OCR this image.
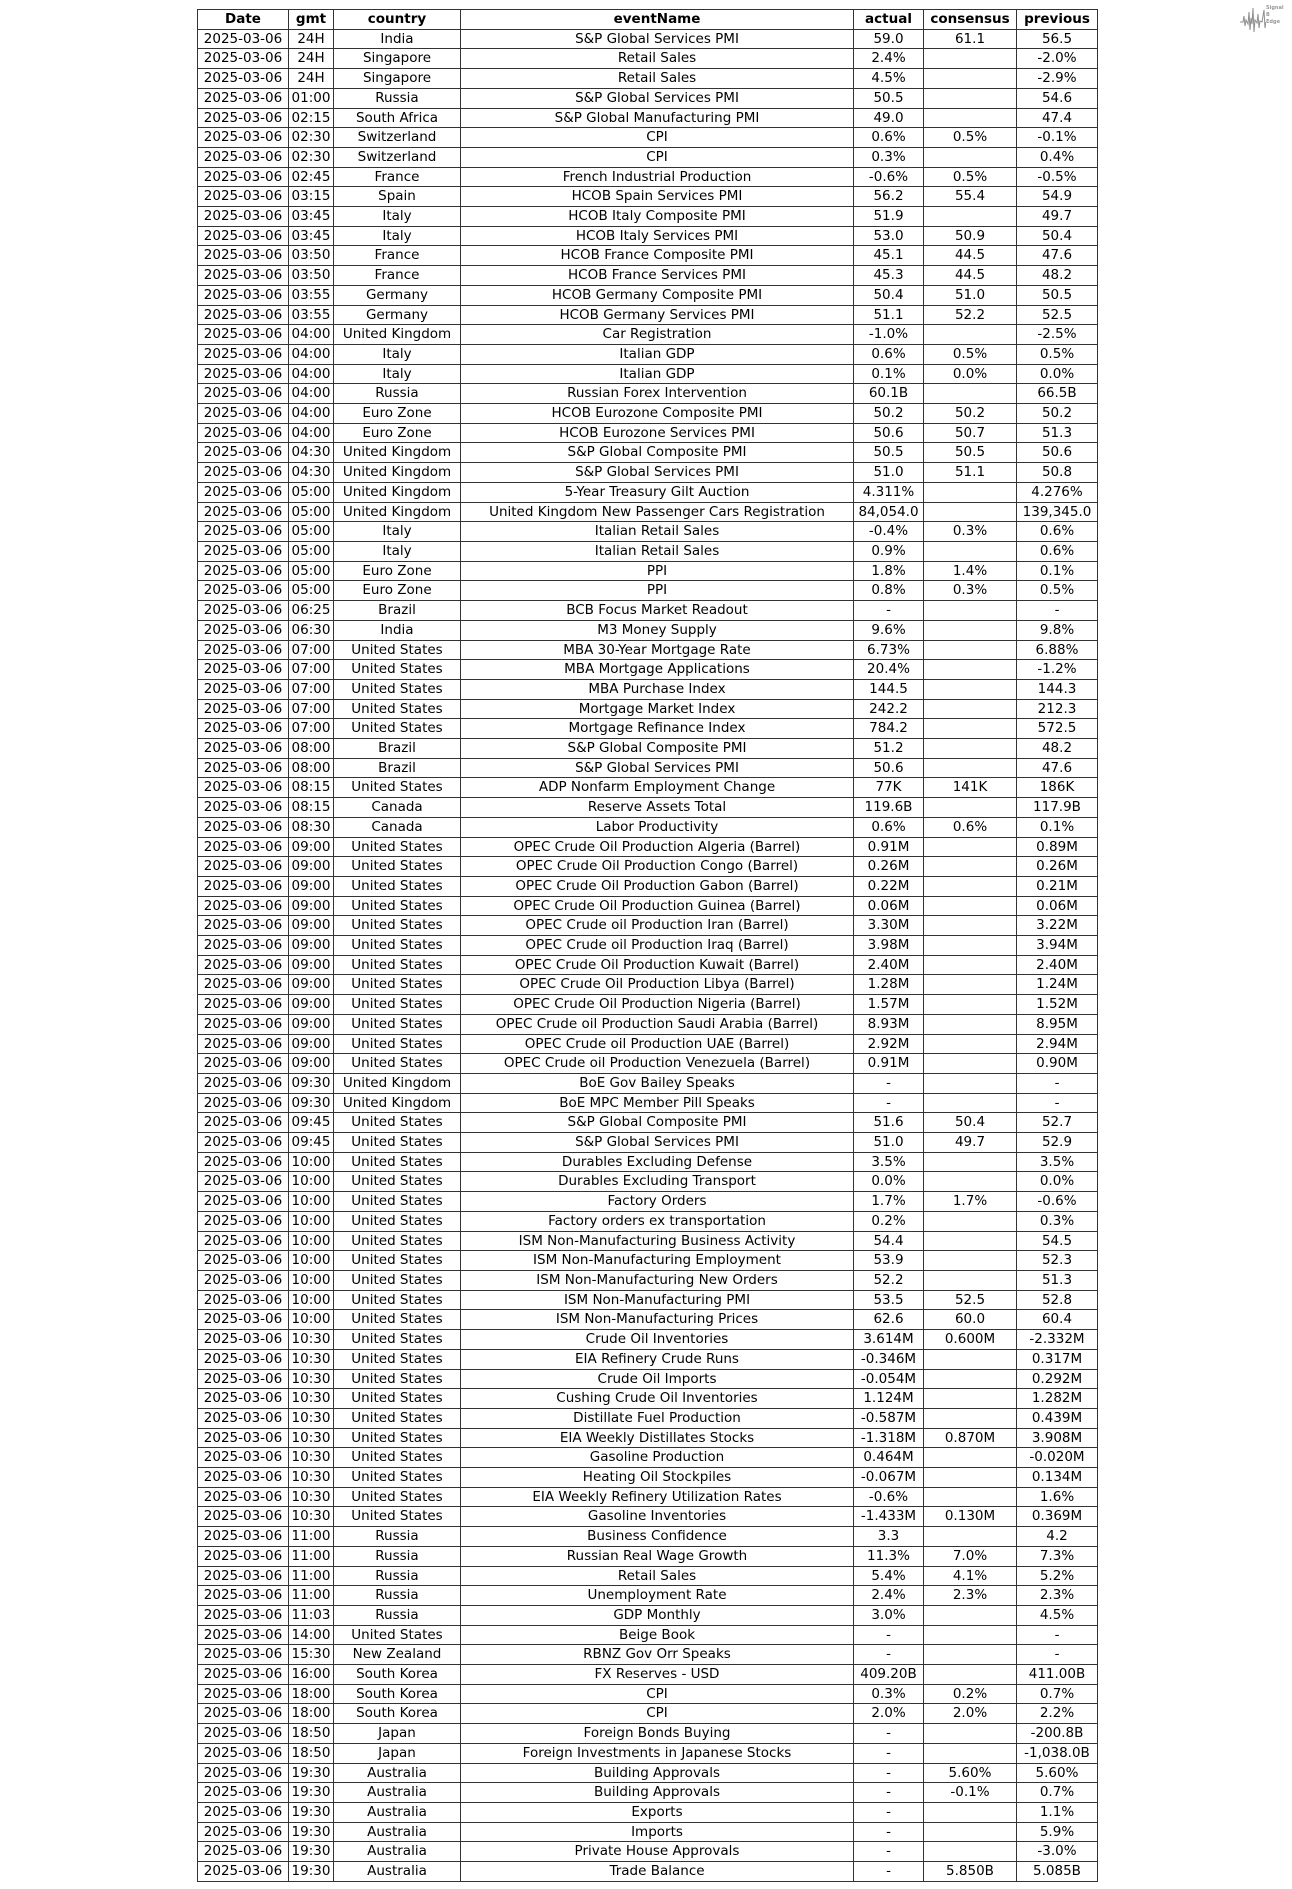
Signal
B
Edge
Date	gmt	country	eventName	actual	consensus	previous
2025-03-06	24H	India	S&P Global Services PMI	59.0	61.1	56.5
2025-03-06	24H	Singapore	Retail Sales	2.4%		-2.0%
2025-03-06	24H	Singapore	Retail Sales	4.5%		-2.9%
2025-03-06	01:00	Russia	S&P Global Services PMI	50.5		54.6
2025-03-06	02:15	South Africa	S&P Global Manufacturing PMI	49.0		47.4
2025-03-06	02:30	Switzerland	CPI	0.6%	0.5%	-0.1%
2025-03-06	02:30	Switzerland	CPI	0.3%		0.4%
2025-03-06	02:45	France	French Industrial Production	-0.6%	0.5%	-0.5%
2025-03-06	03:15	Spain	HCOB Spain Services PMI	56.2	55.4	54.9
2025-03-06	03:45	Italy	HCOB Italy Composite PMI	51.9		49.7
2025-03-06	03:45	Italy	HCOB Italy Services PMI	53.0	50.9	50.4
2025-03-06	03:50	France	HCOB France Composite PMI	45.1	44.5	47.6
2025-03-06	03:50	France	HCOB France Services PMI	45.3	44.5	48.2
2025-03-06	03:55	Germany	HCOB Germany Composite PMI	50.4	51.0	50.5
2025-03-06	03:55	Germany	HCOB Germany Services PMI	51.1	52.2	52.5
2025-03-06	04:00	United Kingdom	Car Registration	-1.0%		-2.5%
2025-03-06	04:00	Italy	Italian GDP	0.6%	0.5%	0.5%
2025-03-06	04:00	Italy	Italian GDP	0.1%	0.0%	0.0%
2025-03-06	04:00	Russia	Russian Forex Intervention	60.1B		66.5B
2025-03-06	04:00	Euro Zone	HCOB Eurozone Composite PMI	50.2	50.2	50.2
2025-03-06	04:00	Euro Zone	HCOB Eurozone Services PMI	50.6	50.7	51.3
2025-03-06	04:30	United Kingdom	S&P Global Composite PMI	50.5	50.5	50.6
2025-03-06	04:30	United Kingdom	S&P Global Services PMI	51.0	51.1	50.8
2025-03-06	05:00	United Kingdom	5-Year Treasury Gilt Auction	4.311%		4.276%
2025-03-06	05:00	United Kingdom	United Kingdom New Passenger Cars Registration	84,054.0		139,345.0
2025-03-06	05:00	Italy	Italian Retail Sales	-0.4%	0.3%	0.6%
2025-03-06	05:00	Italy	Italian Retail Sales	0.9%		0.6%
2025-03-06	05:00	Euro Zone	PPI	1.8%	1.4%	0.1%
2025-03-06	05:00	Euro Zone	PPI	0.8%	0.3%	0.5%
2025-03-06	06:25	Brazil	BCB Focus Market Readout	-		-
2025-03-06	06:30	India	M3 Money Supply	9.6%		9.8%
2025-03-06	07:00	United States	MBA 30-Year Mortgage Rate	6.73%		6.88%
2025-03-06	07:00	United States	MBA Mortgage Applications	20.4%		-1.2%
2025-03-06	07:00	United States	MBA Purchase Index	144.5		144.3
2025-03-06	07:00	United States	Mortgage Market Index	242.2		212.3
2025-03-06	07:00	United States	Mortgage Refinance Index	784.2		572.5
2025-03-06	08:00	Brazil	S&P Global Composite PMI	51.2		48.2
2025-03-06	08:00	Brazil	S&P Global Services PMI	50.6		47.6
2025-03-06	08:15	United States	ADP Nonfarm Employment Change	77K	141K	186K
2025-03-06	08:15	Canada	Reserve Assets Total	119.6B		117.9B
2025-03-06	08:30	Canada	Labor Productivity	0.6%	0.6%	0.1%
2025-03-06	09:00	United States	OPEC Crude Oil Production Algeria (Barrel)	0.91M		0.89M
2025-03-06	09:00	United States	OPEC Crude Oil Production Congo (Barrel)	0.26M		0.26M
2025-03-06	09:00	United States	OPEC Crude Oil Production Gabon (Barrel)	0.22M		0.21M
2025-03-06	09:00	United States	OPEC Crude Oil Production Guinea (Barrel)	0.06M		0.06M
2025-03-06	09:00	United States	OPEC Crude oil Production Iran (Barrel)	3.30M		3.22M
2025-03-06	09:00	United States	OPEC Crude oil Production Iraq (Barrel)	3.98M		3.94M
2025-03-06	09:00	United States	OPEC Crude Oil Production Kuwait (Barrel)	2.40M		2.40M
2025-03-06	09:00	United States	OPEC Crude Oil Production Libya (Barrel)	1.28M		1.24M
2025-03-06	09:00	United States	OPEC Crude Oil Production Nigeria (Barrel)	1.57M		1.52M
2025-03-06	09:00	United States	OPEC Crude oil Production Saudi Arabia (Barrel)	8.93M		8.95M
2025-03-06	09:00	United States	OPEC Crude oil Production UAE (Barrel)	2.92M		2.94M
2025-03-06	09:00	United States	OPEC Crude oil Production Venezuela (Barrel)	0.91M		0.90M
2025-03-06	09:30	United Kingdom	BoE Gov Bailey Speaks	-		-
2025-03-06	09:30	United Kingdom	BoE MPC Member Pill Speaks	-		-
2025-03-06	09:45	United States	S&P Global Composite PMI	51.6	50.4	52.7
2025-03-06	09:45	United States	S&P Global Services PMI	51.0	49.7	52.9
2025-03-06	10:00	United States	Durables Excluding Defense	3.5%		3.5%
2025-03-06	10:00	United States	Durables Excluding Transport	0.0%		0.0%
2025-03-06	10:00	United States	Factory Orders	1.7%	1.7%	-0.6%
2025-03-06	10:00	United States	Factory orders ex transportation	0.2%		0.3%
2025-03-06	10:00	United States	ISM Non-Manufacturing Business Activity	54.4		54.5
2025-03-06	10:00	United States	ISM Non-Manufacturing Employment	53.9		52.3
2025-03-06	10:00	United States	ISM Non-Manufacturing New Orders	52.2		51.3
2025-03-06	10:00	United States	ISM Non-Manufacturing PMI	53.5	52.5	52.8
2025-03-06	10:00	United States	ISM Non-Manufacturing Prices	62.6	60.0	60.4
2025-03-06	10:30	United States	Crude Oil Inventories	3.614M	0.600M	-2.332M
2025-03-06	10:30	United States	EIA Refinery Crude Runs	-0.346M		0.317M
2025-03-06	10:30	United States	Crude Oil Imports	-0.054M		0.292M
2025-03-06	10:30	United States	Cushing Crude Oil Inventories	1.124M		1.282M
2025-03-06	10:30	United States	Distillate Fuel Production	-0.587M		0.439M
2025-03-06	10:30	United States	EIA Weekly Distillates Stocks	-1.318M	0.870M	3.908M
2025-03-06	10:30	United States	Gasoline Production	0.464M		-0.020M
2025-03-06	10:30	United States	Heating Oil Stockpiles	-0.067M		0.134M
2025-03-06	10:30	United States	EIA Weekly Refinery Utilization Rates	-0.6%		1.6%
2025-03-06	10:30	United States	Gasoline Inventories	-1.433M	0.130M	0.369M
2025-03-06	11:00	Russia	Business Confidence	3.3		4.2
2025-03-06	11:00	Russia	Russian Real Wage Growth	11.3%	7.0%	7.3%
2025-03-06	11:00	Russia	Retail Sales	5.4%	4.1%	5.2%
2025-03-06	11:00	Russia	Unemployment Rate	2.4%	2.3%	2.3%
2025-03-06	11:03	Russia	GDP Monthly	3.0%		4.5%
2025-03-06	14:00	United States	Beige Book	-		-
2025-03-06	15:30	New Zealand	RBNZ Gov Orr Speaks	-		-
2025-03-06	16:00	South Korea	FX Reserves - USD	409.20B		411.00B
2025-03-06	18:00	South Korea	CPI	0.3%	0.2%	0.7%
2025-03-06	18:00	South Korea	CPI	2.0%	2.0%	2.2%
2025-03-06	18:50	Japan	Foreign Bonds Buying	-		-200.8B
2025-03-06	18:50	Japan	Foreign Investments in Japanese Stocks	-		-1,038.0B
2025-03-06	19:30	Australia	Building Approvals	-	5.60%	5.60%
2025-03-06	19:30	Australia	Building Approvals	-	-0.1%	0.7%
2025-03-06	19:30	Australia	Exports	-		1.1%
2025-03-06	19:30	Australia	Imports	-		5.9%
2025-03-06	19:30	Australia	Private House Approvals	-		-3.0%
2025-03-06	19:30	Australia	Trade Balance	-	5.850B	5.085B
